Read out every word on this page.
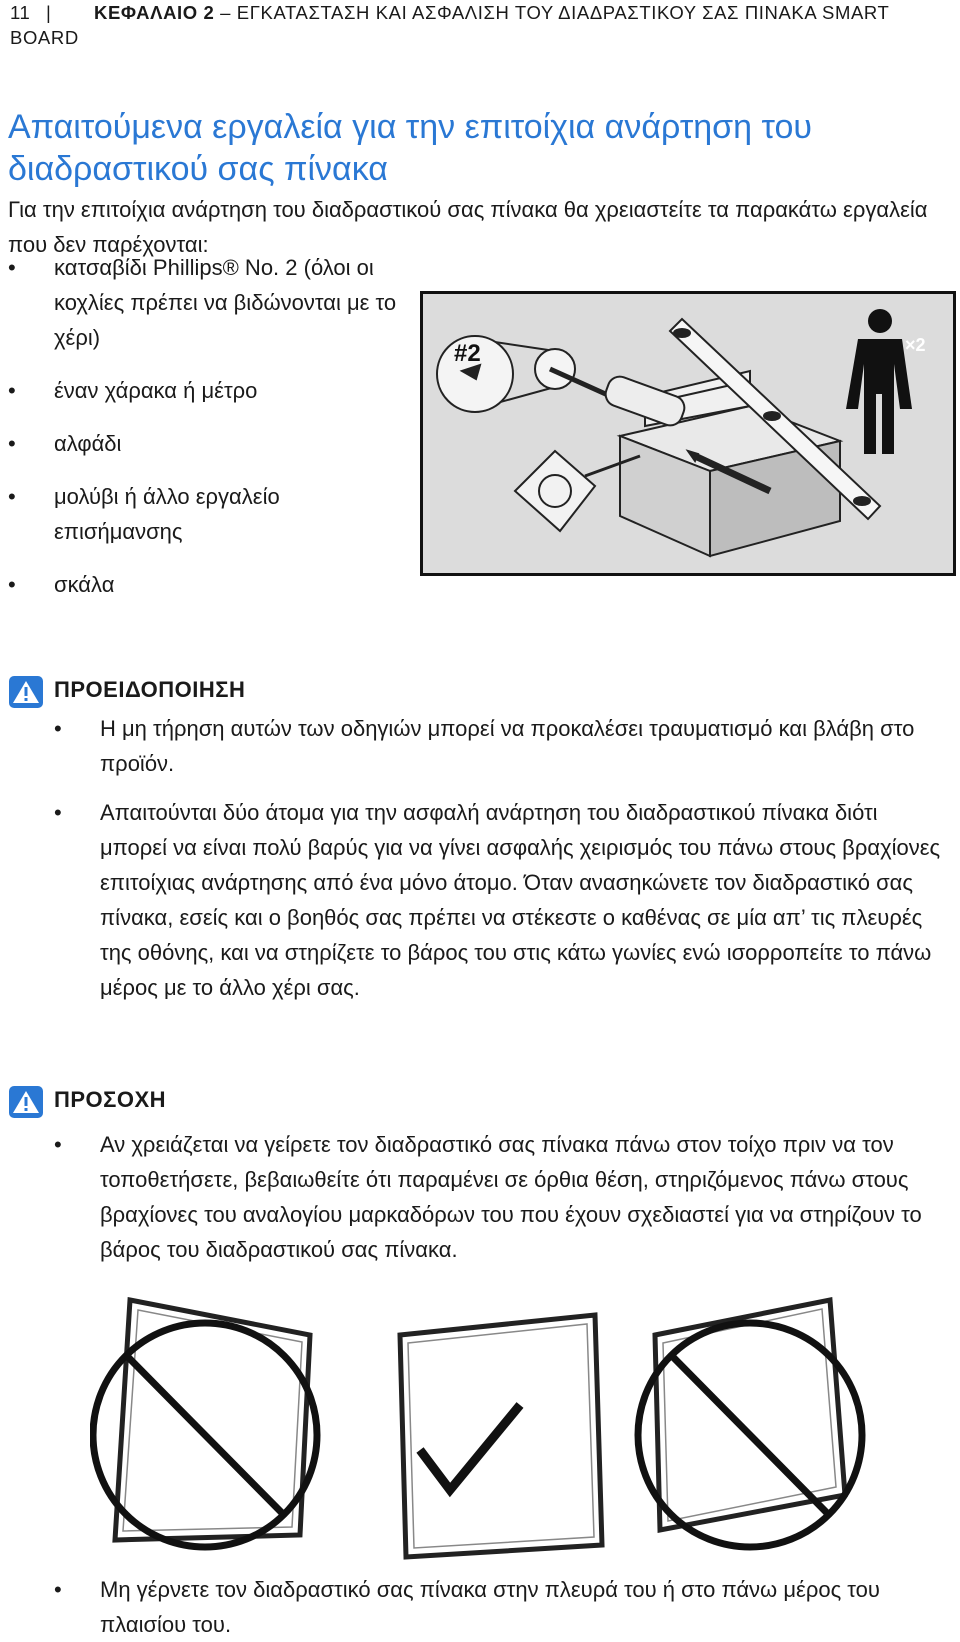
11 | ΚΕΦΑΛΑΙΟ 2 – ΕΓΚΑΤΑΣΤΑΣΗ ΚΑΙ ΑΣΦΑΛΙΣΗ ΤΟΥ ΔΙΑΔΡΑΣΤΙΚΟΥ ΣΑΣ ΠΙΝΑΚΑ SMART BOARD
Απαιτούμενα εργαλεία για την επιτοίχια ανάρτηση του διαδραστικού σας πίνακα

Για την επιτοίχια ανάρτηση του διαδραστικού σας πίνακα θα χρειαστείτε τα παρακάτω εργαλεία που δεν παρέχονται:

• κατσαβίδι Phillips® No. 2 (όλοι οι κοχλίες πρέπει να βιδώνονται με το χέρι)
• έναν χάρακα ή μέτρο
• αλφάδι
• μολύβι ή άλλο εργαλείο επισήμανσης
• σκάλα
#2	×2
ΠΡΟΕΙΔΟΠΟΙΗΣΗ
• Η μη τήρηση αυτών των οδηγιών μπορεί να προκαλέσει τραυματισμό και βλάβη στο προϊόν.
• Απαιτούνται δύο άτομα για την ασφαλή ανάρτηση του διαδραστικού πίνακα διότι μπορεί να είναι πολύ βαρύς για να γίνει ασφαλής χειρισμός του πάνω στους βραχίονες επιτοίχιας ανάρτησης από ένα μόνο άτομο. Όταν ανασηκώνετε τον διαδραστικό σας πίνακα, εσείς και ο βοηθός σας πρέπει να στέκεστε ο καθένας σε μία απ’ τις πλευρές της οθόνης, και να στηρίζετε το βάρος του στις κάτω γωνίες ενώ ισορροπείτε το πάνω μέρος με το άλλο χέρι σας.
ΠΡΟΣΟΧΗ
• Αν χρειάζεται να γείρετε τον διαδραστικό σας πίνακα πάνω στον τοίχο πριν να τον τοποθετήσετε, βεβαιωθείτε ότι παραμένει σε όρθια θέση, στηριζόμενος πάνω στους βραχίονες του αναλογίου μαρκαδόρων του που έχουν σχεδιαστεί για να στηρίζουν το βάρος του διαδραστικού σας πίνακα.
• Μη γέρνετε τον διαδραστικό σας πίνακα στην πλευρά του ή στο πάνω μέρος του πλαισίου του.
